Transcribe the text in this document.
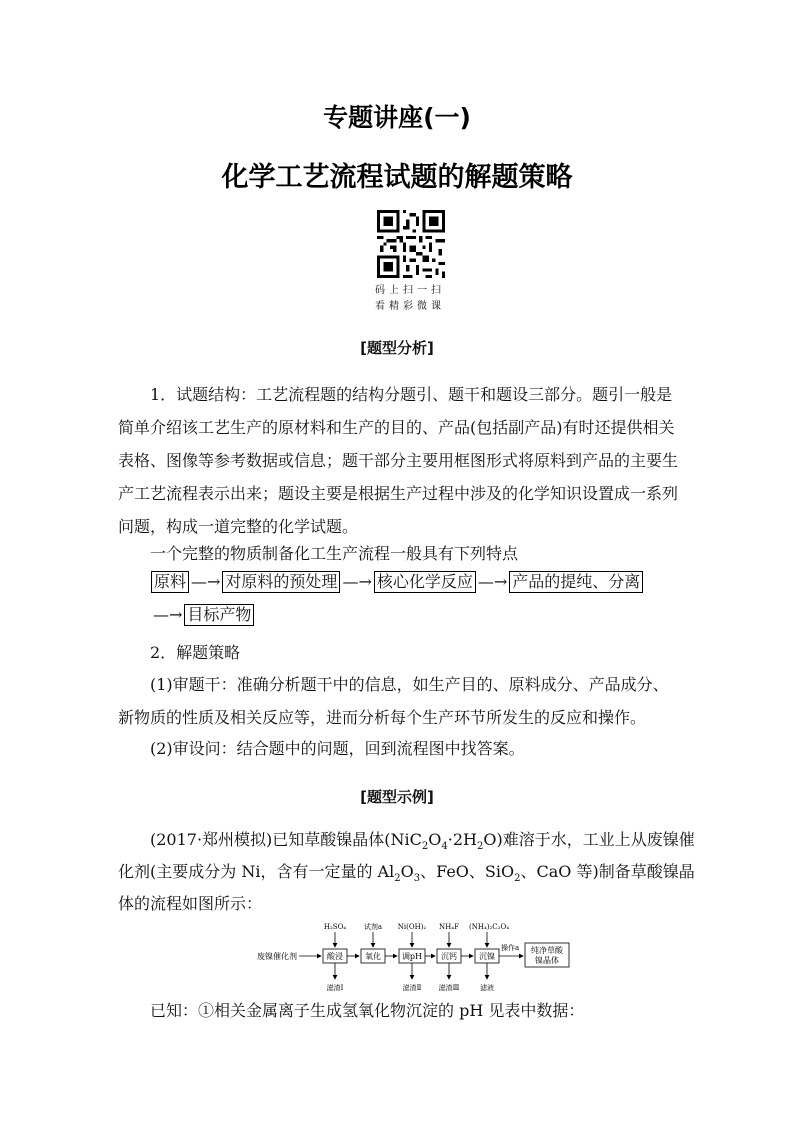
专题讲座(一)
化学工艺流程试题的解题策略
码上扫一扫
看精彩微课
[题型分析]
1．试题结构：工艺流程题的结构分题引、题干和题设三部分。题引一般是简单介绍该工艺生产的原材料和生产的目的、产品(包括副产品)有时还提供相关表格、图像等参考数据或信息；题干部分主要用框图形式将原料到产品的主要生产工艺流程表示出来；题设主要是根据生产过程中涉及的化学知识设置成一系列问题，构成一道完整的化学试题。
一个完整的物质制备化工生产流程一般具有下列特点
原料 —→ 对原料的预处理 —→ 核心化学反应 —→ 产品的提纯、分离
—→ 目标产物
2．解题策略
(1)审题干：准确分析题干中的信息，如生产目的、原料成分、产品成分、新物质的性质及相关反应等，进而分析每个生产环节所发生的反应和操作。
(2)审设问：结合题中的问题，回到流程图中找答案。
[题型示例]
(2017·郑州模拟)已知草酸镍晶体$(NiC_2O_4\cdot 2H_2O)$难溶于水，工业上从废镍催
化剂(主要成分为 Ni，含有一定量的 $Al_2O_3$、FeO、SiO$_2$、CaO 等)制备草酸镍晶
体的流程如图所示：
废镍催化剂	酸浸	氧化	调pH 沉钙	沉镍
操作a 纯净草酸
镍晶体
H₂SO₄	试剂a Ni(OH)₂ NH₄F (NH₄)₂C₂O₄
滤渣Ⅰ	滤渣Ⅱ 滤渣Ⅲ	滤液
已知：①相关金属离子生成氢氧化物沉淀的 pH 见表中数据：
